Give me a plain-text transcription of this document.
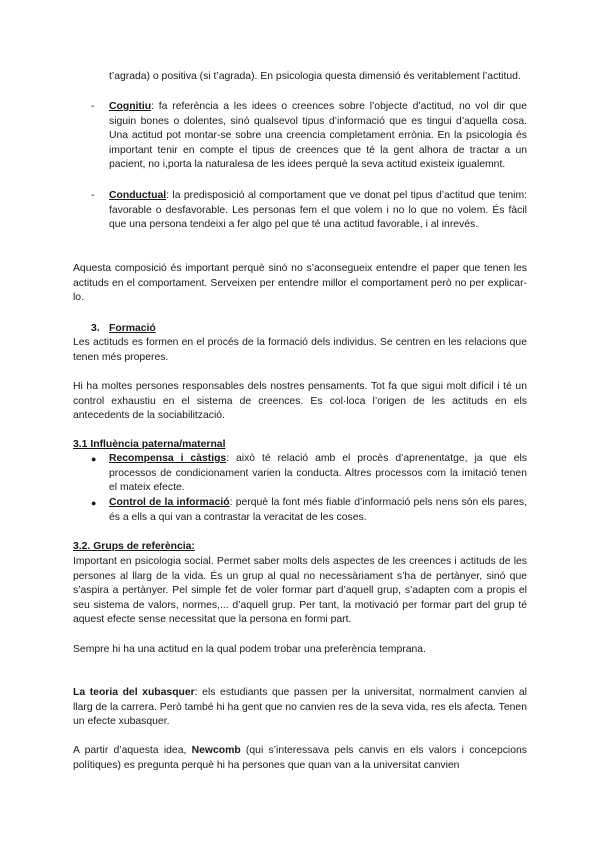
t’agrada) o positiva (si t’agrada). En psicologia questa dimensió és veritablement l’actitud.
- Cognitiu: fa referència a les idees o creences sobre l’objecte d’actitud, no vol dir que siguin bones o dolentes, sinó qualsevol tipus d’informació que es tingui d’aquella cosa. Una actitud pot montar-se sobre una creencia completament errònia. En la psicologia és important tenir en compte el tipus de creences que té la gent alhora de tractar a un pacient, no i,porta la naturalesa de les idees perquè la seva actitud existeix igualemnt.
- Conductual: la predisposició al comportament que ve donat pel tipus d’actitud que tenim: favorable o desfavorable. Les personas fem el que volem i no lo que no volem. És fàcil que una persona tendeixi a fer algo pel que té una actitud favorable, i al inrevés.
Aquesta composició és important perquè sinó no s’aconsegueix entendre el paper que tenen les actituds en el comportament. Serveixen per entendre millor el comportament però no per explicar-lo.
3. Formació
Les actituds es formen en el procés de la formació dels individus. Se centren en les relacions que tenen més properes.
Hi ha moltes persones responsables dels nostres pensaments. Tot fa que sigui molt difícil i té un control exhaustiu en el sistema de creences. Es col·loca l’origen de les actituds en els antecedents de la sociabilització.
3.1 Influència paterna/maternal
● Recompensa i càstigs: això té relació amb el procès d’aprenentatge, ja que els processos de condicionament varien la conducta. Altres processos com la imitació tenen el mateix efecte.
● Control de la informació: perquè la font més fiable d’informació pels nens són els pares, és a ells a qui van a contrastar la veracitat de les coses.
3.2. Grups de referència:
Important en psicologia social. Permet saber molts dels aspectes de les creences i actituds de les persones al llarg de la vida. És un grup al qual no necessàriament s’ha de pertànyer, sinó que s’aspira a pertànyer. Pel simple fet de voler formar part d’aquell grup, s’adapten com a propis el seu sistema de valors, normes,... d’aquell grup. Per tant, la motivació per formar part del grup té aquest efecte sense necessitat que la persona en formi part.
Sempre hi ha una actitud en la qual podem trobar una preferència temprana.
La teoria del xubasquer: els estudiants que passen per la universitat, normalment canvien al llarg de la carrera. Però també hi ha gent que no canvien res de la seva vida, res els afecta. Tenen un efecte xubasquer.
A partir d’aquesta idea, Newcomb (qui s’interessava pels canvis en els valors i concepcions polítiques) es pregunta perquè hi ha persones que quan van a la universitat canvien
